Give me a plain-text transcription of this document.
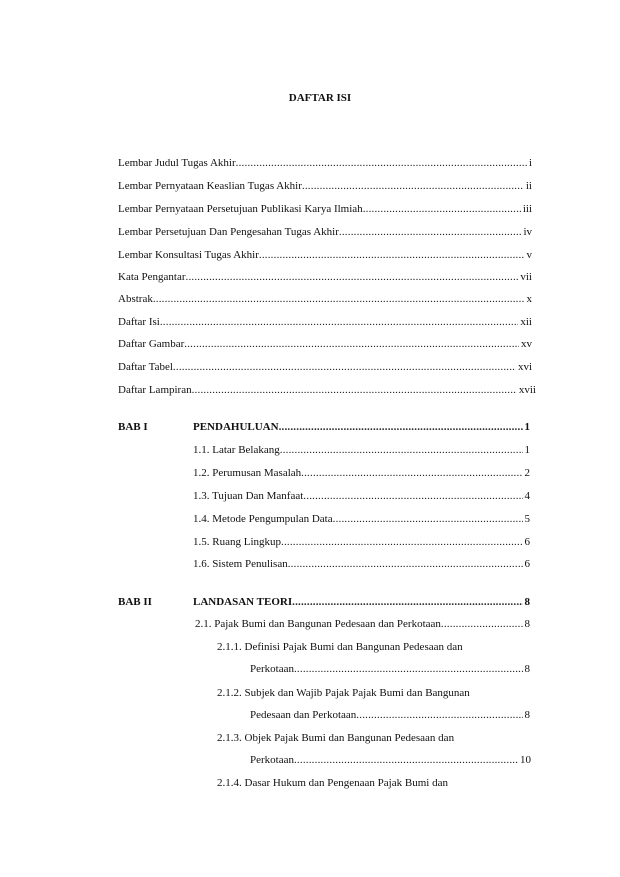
DAFTAR ISI
Lembar Judul Tugas Akhir .....	i
Lembar Pernyataan Keaslian Tugas Akhir .....	ii
Lembar Pernyataan Persetujuan Publikasi Karya Ilmiah .....	iii
Lembar Persetujuan Dan Pengesahan Tugas Akhir .....	iv
Lembar Konsultasi Tugas Akhir .....	v
Kata Pengantar .....	vii
Abstrak .....	x
Daftar Isi .....	xii
Daftar Gambar .....	xv
Daftar Tabel .....	xvi
Daftar Lampiran .....	xvii
BAB I	PENDAHULUAN .....	1
1.1. Latar Belakang .....	1
1.2. Perumusan Masalah .....	2
1.3. Tujuan Dan Manfaat .....	4
1.4. Metode Pengumpulan Data .....	5
1.5. Ruang Lingkup .....	6
1.6. Sistem Penulisan .....	6
BAB II	LANDASAN TEORI .....	8
2.1. Pajak Bumi dan Bangunan Pedesaan dan Perkotaan .....	8
2.1.1. Definisi Pajak Bumi dan Bangunan Pedesaan dan
Perkotaan .....	8
2.1.2. Subjek dan Wajib Pajak Pajak Bumi dan Bangunan
Pedesaan dan Perkotaan .....	8
2.1.3. Objek Pajak Bumi dan Bangunan Pedesaan dan
Perkotaan .....	10
2.1.4. Dasar Hukum dan Pengenaan Pajak Bumi dan
